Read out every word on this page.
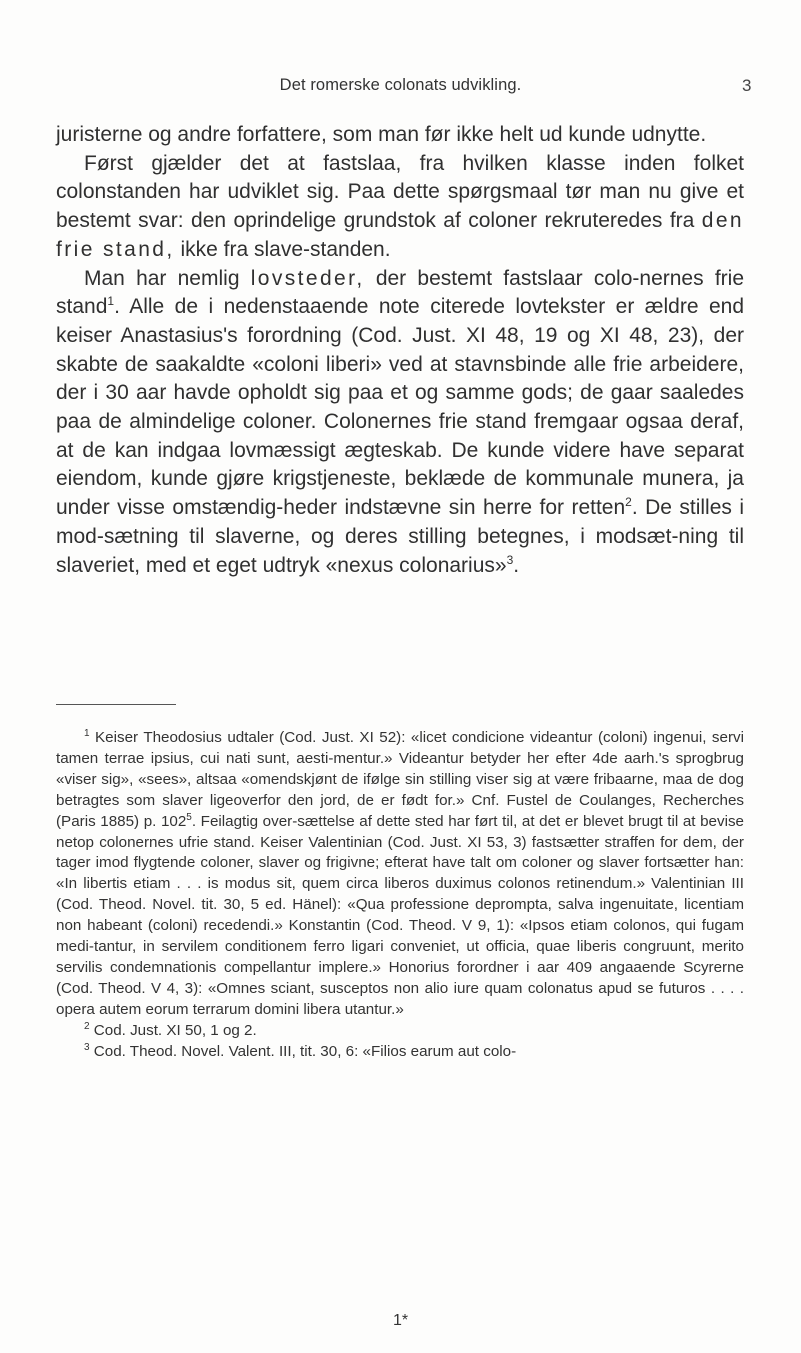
Det romerske colonats udvikling.	3

juristerne og andre forfattere, som man før ikke helt ud kunde udnytte.

Først gjælder det at fastslaa, fra hvilken klasse inden folket colonstanden har udviklet sig. Paa dette spørgsmaal tør man nu give et bestemt svar: den oprindelige grundstok af coloner rekruteredes fra den frie stand, ikke fra slave-standen.

Man har nemlig lovsteder, der bestemt fastslaar colo-nernes frie stand$^1$. Alle de i nedenstaaende note citerede lovtekster er ældre end keiser Anastasius's forordning (Cod. Just. XI 48, 19 og XI 48, 23), der skabte de saakaldte «coloni liberi» ved at stavnsbinde alle frie arbeidere, der i 30 aar havde opholdt sig paa et og samme gods; de gaar saaledes paa de almindelige coloner. Colonernes frie stand fremgaar ogsaa deraf, at de kan indgaa lovmæssigt ægteskab. De kunde videre have separat eiendom, kunde gjøre krigstjeneste, beklæde de kommunale munera, ja under visse omstændig-heder indstævne sin herre for retten$^2$. De stilles i mod-sætning til slaverne, og deres stilling betegnes, i modsæt-ning til slaveriet, med et eget udtryk «nexus colonarius»$^3$.

$^1$ Keiser Theodosius udtaler (Cod. Just. XI 52): «licet condicione videantur (coloni) ingenui, servi tamen terrae ipsius, cui nati sunt, aesti-mentur.» Videantur betyder her efter 4de aarh.'s sprogbrug «viser sig», «sees», altsaa «omendskjønt de ifølge sin stilling viser sig at være fribaarne, maa de dog betragtes som slaver ligeoverfor den jord, de er født for.» Cnf. Fustel de Coulanges, Recherches (Paris 1885) p. 102$^5$. Feilagtig over-sættelse af dette sted har ført til, at det er blevet brugt til at bevise netop colonernes ufrie stand. Keiser Valentinian (Cod. Just. XI 53, 3) fastsætter straffen for dem, der tager imod flygtende coloner, slaver og frigivne; efterat have talt om coloner og slaver fortsætter han: «In libertis etiam . . . is modus sit, quem circa liberos duximus colonos retinendum.» Valentinian III (Cod. Theod. Novel. tit. 30, 5 ed. Hänel): «Qua professione deprompta, salva ingenuitate, licentiam non habeant (coloni) recedendi.» Konstantin (Cod. Theod. V 9, 1): «Ipsos etiam colonos, qui fugam medi-tantur, in servilem conditionem ferro ligari conveniet, ut officia, quae liberis congruunt, merito servilis condemnationis compellantur implere.» Honorius forordner i aar 409 angaaende Scyrerne (Cod. Theod. V 4, 3): «Omnes sciant, susceptos non alio iure quam colonatus apud se futuros . . . . opera autem eorum terrarum domini libera utantur.»

$^2$ Cod. Just. XI 50, 1 og 2.

$^3$ Cod. Theod. Novel. Valent. III, tit. 30, 6: «Filios earum aut colo-

1*
